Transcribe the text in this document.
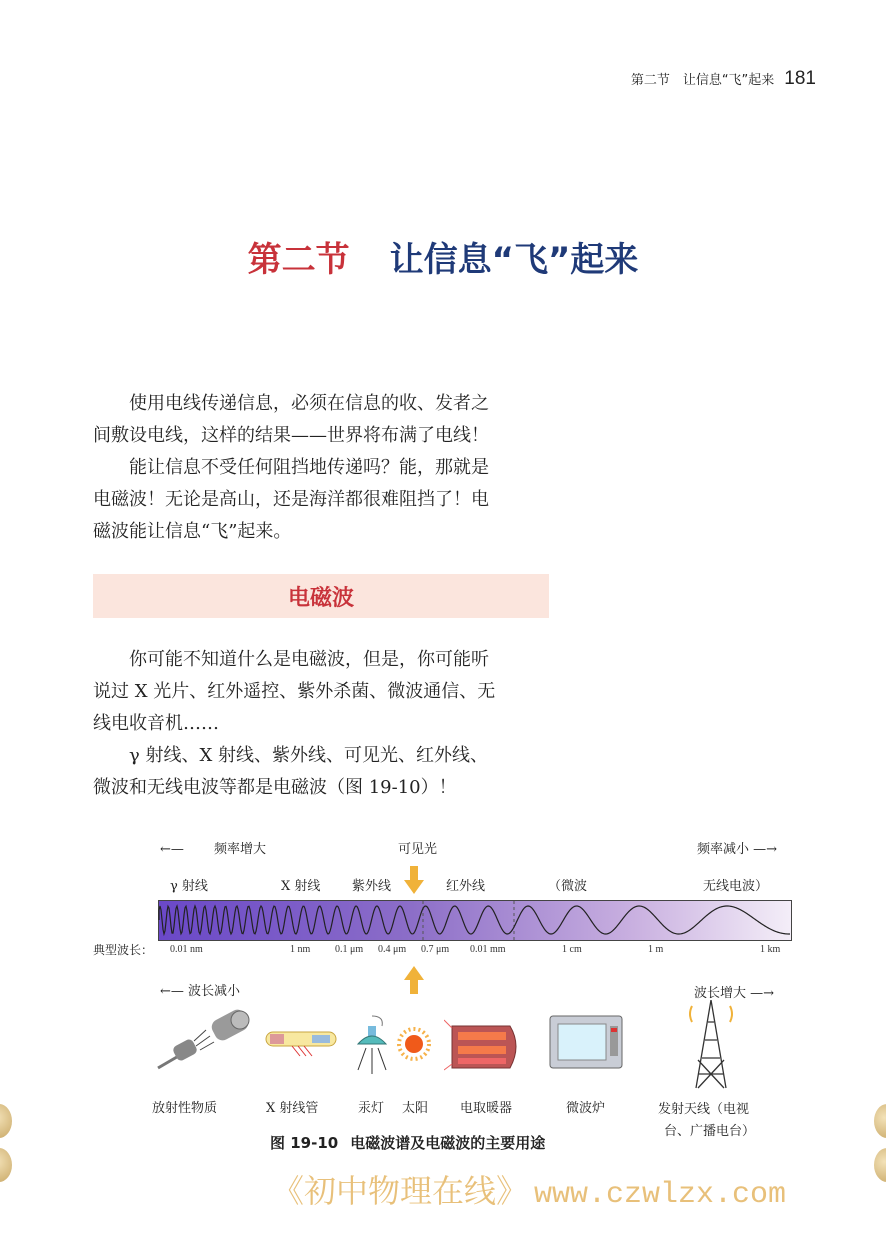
第二节　让信息“飞”起来 181
第二节 让信息“飞”起来
使用电线传递信息，必须在信息的收、发者之
间敷设电线，这样的结果——世界将布满了电线！
能让信息不受任何阻挡地传递吗？能，那就是
电磁波！无论是高山，还是海洋都很难阻挡了！电
磁波能让信息“飞”起来。
电磁波
你可能不知道什么是电磁波，但是，你可能听
说过 X 光片、红外遥控、紫外杀菌、微波通信、无
线电收音机……
γ 射线、X 射线、紫外线、可见光、红外线、
微波和无线电波等都是电磁波（图 19-10）！
←— 频率增大	可见光	频率减小 —→
γ 射线	X 射线 紫外线	红外线	（微波	无线电波）
典型波长： 0.01 nm	1 nm 0.1 μm 0.4 μm 0.7 μm 0.01 mm	1 cm	1 m	1 km
←— 波长减小	波长增大 —→
放射性物质	X 射线管	汞灯 太阳 电取暖器	微波炉	发射天线（电视
台、广播电台）
图 19-10 电磁波谱及电磁波的主要用途
《初中物理在线》 www.czwlzx.com
